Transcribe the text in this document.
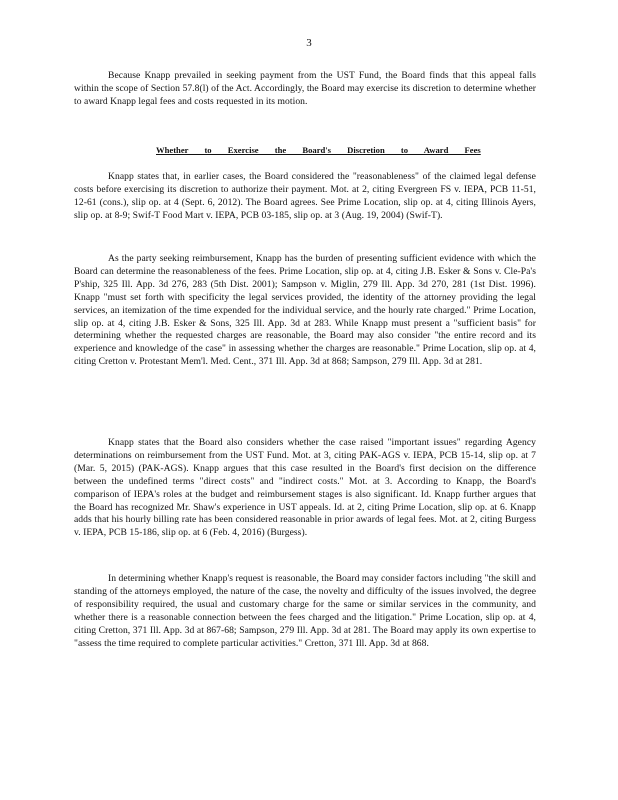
3

Because Knapp prevailed in seeking payment from the UST Fund, the Board finds that this appeal falls within the scope of Section 57.8(l) of the Act. Accordingly, the Board may exercise its discretion to determine whether to award Knapp legal fees and costs requested in its motion.

Whether to Exercise the Board's Discretion to Award Fees

Knapp states that, in earlier cases, the Board considered the "reasonableness" of the claimed legal defense costs before exercising its discretion to authorize their payment. Mot. at 2, citing Evergreen FS v. IEPA, PCB 11-51, 12-61 (cons.), slip op. at 4 (Sept. 6, 2012). The Board agrees. See Prime Location, slip op. at 4, citing Illinois Ayers, slip op. at 8-9; Swif-T Food Mart v. IEPA, PCB 03-185, slip op. at 3 (Aug. 19, 2004) (Swif-T).

As the party seeking reimbursement, Knapp has the burden of presenting sufficient evidence with which the Board can determine the reasonableness of the fees. Prime Location, slip op. at 4, citing J.B. Esker & Sons v. Cle-Pa's P'ship, 325 Ill. App. 3d 276, 283 (5th Dist. 2001); Sampson v. Miglin, 279 Ill. App. 3d 270, 281 (1st Dist. 1996). Knapp "must set forth with specificity the legal services provided, the identity of the attorney providing the legal services, an itemization of the time expended for the individual service, and the hourly rate charged." Prime Location, slip op. at 4, citing J.B. Esker & Sons, 325 Ill. App. 3d at 283. While Knapp must present a "sufficient basis" for determining whether the requested charges are reasonable, the Board may also consider "the entire record and its experience and knowledge of the case" in assessing whether the charges are reasonable." Prime Location, slip op. at 4, citing Cretton v. Protestant Mem'l. Med. Cent., 371 Ill. App. 3d at 868; Sampson, 279 Ill. App. 3d at 281.

Knapp states that the Board also considers whether the case raised "important issues" regarding Agency determinations on reimbursement from the UST Fund. Mot. at 3, citing PAK-AGS v. IEPA, PCB 15-14, slip op. at 7 (Mar. 5, 2015) (PAK-AGS). Knapp argues that this case resulted in the Board's first decision on the difference between the undefined terms "direct costs" and "indirect costs." Mot. at 3. According to Knapp, the Board's comparison of IEPA's roles at the budget and reimbursement stages is also significant. Id. Knapp further argues that the Board has recognized Mr. Shaw's experience in UST appeals. Id. at 2, citing Prime Location, slip op. at 6. Knapp adds that his hourly billing rate has been considered reasonable in prior awards of legal fees. Mot. at 2, citing Burgess v. IEPA, PCB 15-186, slip op. at 6 (Feb. 4, 2016) (Burgess).

In determining whether Knapp's request is reasonable, the Board may consider factors including "the skill and standing of the attorneys employed, the nature of the case, the novelty and difficulty of the issues involved, the degree of responsibility required, the usual and customary charge for the same or similar services in the community, and whether there is a reasonable connection between the fees charged and the litigation." Prime Location, slip op. at 4, citing Cretton, 371 Ill. App. 3d at 867-68; Sampson, 279 Ill. App. 3d at 281. The Board may apply its own expertise to "assess the time required to complete particular activities." Cretton, 371 Ill. App. 3d at 868.
